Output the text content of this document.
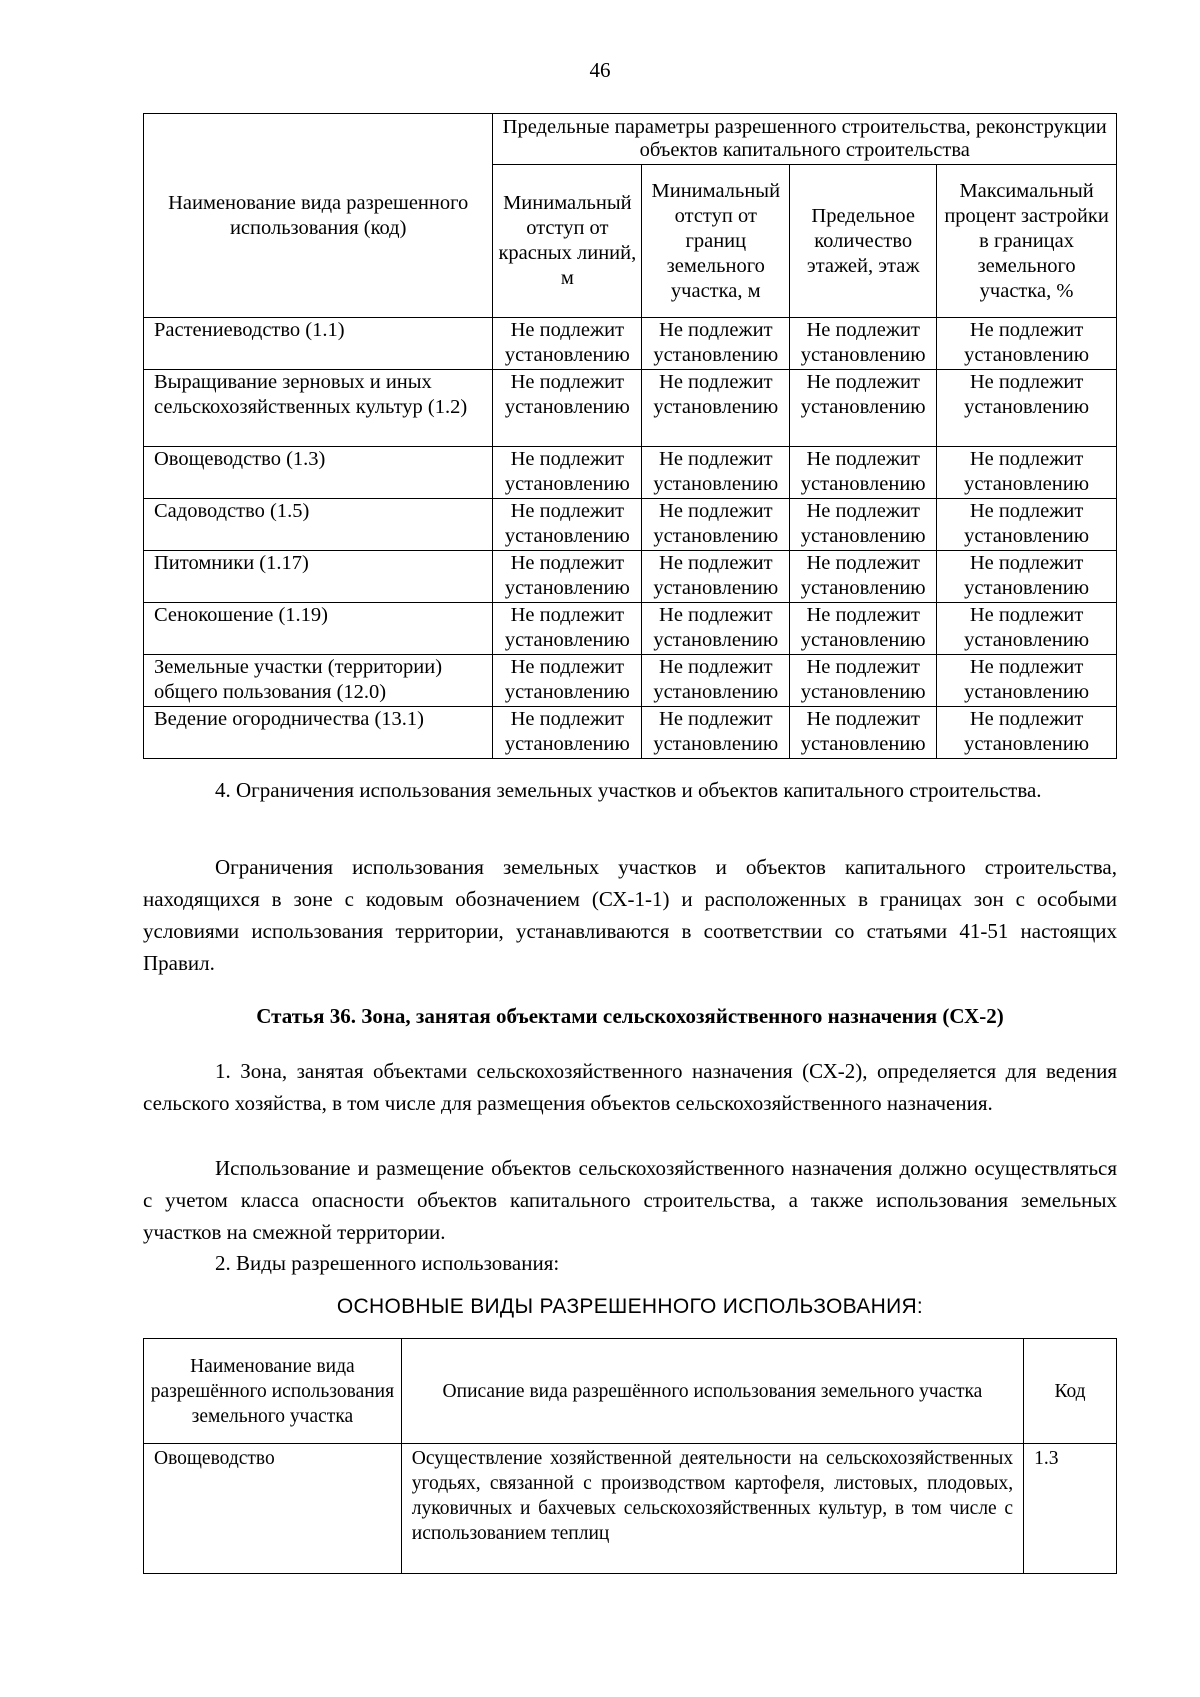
46
Наименование вида разрешенного использования (код)	Предельные параметры разрешенного строительства, реконструкции объектов капитального строительства			
	Минимальный отступ от красных линий, м	Минимальный отступ от границ земельного участка, м	Предельное количество этажей, этаж	Максимальный процент застройки в границах земельного участка, %
Растениеводство (1.1)	Не подлежит установлению	Не подлежит установлению	Не подлежит установлению	Не подлежит установлению
Выращивание зерновых и иных сельскохозяйственных культур (1.2)	Не подлежит установлению	Не подлежит установлению	Не подлежит установлению	Не подлежит установлению
Овощеводство (1.3)	Не подлежит установлению	Не подлежит установлению	Не подлежит установлению	Не подлежит установлению
Садоводство (1.5)	Не подлежит установлению	Не подлежит установлению	Не подлежит установлению	Не подлежит установлению
Питомники (1.17)	Не подлежит установлению	Не подлежит установлению	Не подлежит установлению	Не подлежит установлению
Сенокошение (1.19)	Не подлежит установлению	Не подлежит установлению	Не подлежит установлению	Не подлежит установлению
Земельные участки (территории) общего пользования (12.0)	Не подлежит установлению	Не подлежит установлению	Не подлежит установлению	Не подлежит установлению
Ведение огородничества (13.1)	Не подлежит установлению	Не подлежит установлению	Не подлежит установлению	Не подлежит установлению

4. Ограничения использования земельных участков и объектов капитального строительства.

Ограничения использования земельных участков и объектов капитального строительства, находящихся в зоне с кодовым обозначением (СХ-1-1) и расположенных в границах зон с особыми условиями использования территории, устанавливаются в соответствии со статьями 41-51 настоящих Правил.

Статья 36. Зона, занятая объектами сельскохозяйственного назначения (СХ-2)

1. Зона, занятая объектами сельскохозяйственного назначения (СХ-2), определяется для ведения сельского хозяйства, в том числе для размещения объектов сельскохозяйственного назначения.

Использование и размещение объектов сельскохозяйственного назначения должно осуществляться с учетом класса опасности объектов капитального строительства, а также использования земельных участков на смежной территории.

2. Виды разрешенного использования:

ОСНОВНЫЕ ВИДЫ РАЗРЕШЕННОГО ИСПОЛЬЗОВАНИЯ:

Наименование вида разрешённого использования земельного участка	Описание вида разрешённого использования земельного участка	Код
Овощеводство	Осуществление хозяйственной деятельности на сельскохозяйственных угодьях, связанной с производством картофеля, листовых, плодовых, луковичных и бахчевых сельскохозяйственных культур, в том числе с использованием теплиц	1.3
